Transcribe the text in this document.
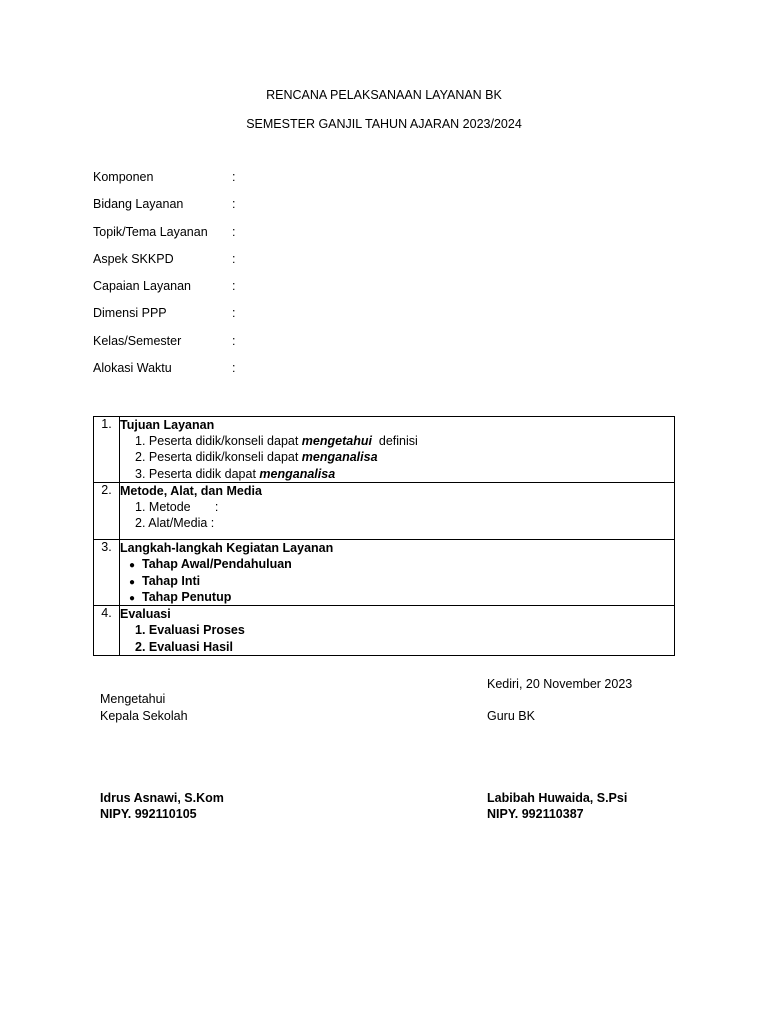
RENCANA PELAKSANAAN LAYANAN BK
SEMESTER GANJIL TAHUN AJARAN 2023/2024
Komponen	:
Bidang Layanan	:
Topik/Tema Layanan :
Aspek SKKPD	:
Capaian Layanan	:
Dimensi PPP	:
Kelas/Semester	:
Alokasi Waktu	:
1.	Tujuan Layanan
1. Peserta didik/konseli dapat mengetahui  definisi
2. Peserta didik/konseli dapat menganalisa
3. Peserta didik dapat menganalisa

2.	Metode, Alat, dan Media
1. Metode       :
2. Alat/Media :

3.	Langkah-langkah Kegiatan Layanan
● Tahap Awal/Pendahuluan
● Tahap Inti
● Tahap Penutup

4.	Evaluasi
1. Evaluasi Proses
2. Evaluasi Hasil
Kediri, 20 November 2023
Mengetahui
Kepala Sekolah	Guru BK
Idrus Asnawi, S.Kom
NIPY. 992110105
Labibah Huwaida, S.Psi
NIPY. 992110387
